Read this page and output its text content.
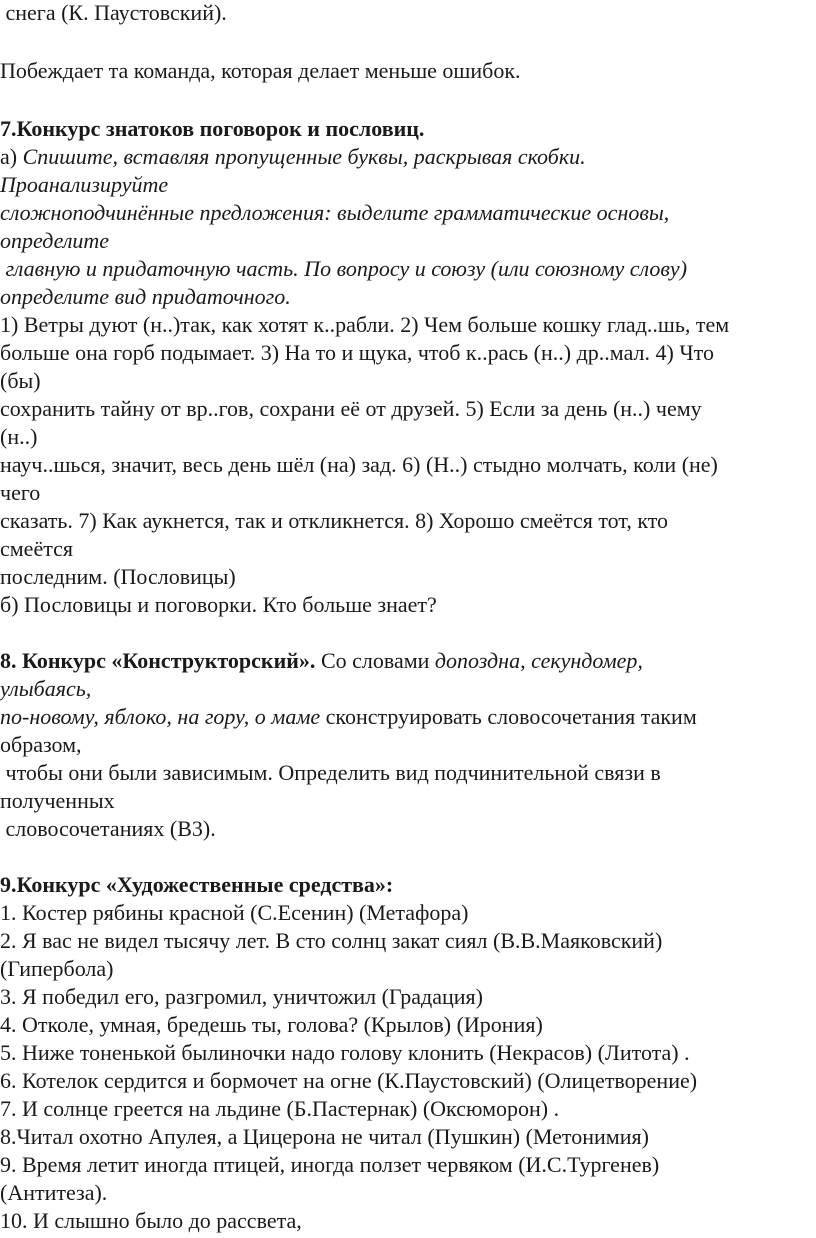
снега (К. Паустовский).
Побеждает та команда, которая делает меньше ошибок.
7.Конкурс знатоков поговорок и пословиц.
а) Спишите, вставляя пропущенные буквы, раскрывая скобки.
Проанализируйте
сложноподчинённые предложения: выделите грамматические основы,
определите
главную и придаточную часть. По вопросу и союзу (или союзному слову)
определите вид придаточного.
1) Ветры дуют (н..)так, как хотят к..рабли. 2) Чем больше кошку глад..шь, тем
больше она горб подымает. 3) На то и щука, чтоб к..рась (н..) др..мал. 4) Что
(бы)
сохранить тайну от вр..гов, сохрани её от друзей. 5) Если за день (н..) чему
(н..)
науч..шься, значит, весь день шёл (на) зад. 6) (Н..) стыдно молчать, коли (не)
чего
сказать. 7) Как аукнется, так и откликнется. 8) Хорошо смеётся тот, кто
смеётся
последним. (Пословицы)
б) Пословицы и поговорки. Кто больше знает?
8. Конкурс «Конструкторский». Со словами допоздна, секундомер,
улыбаясь,
по-новому, яблоко, на гору, о маме сконструировать словосочетания таким
образом,
чтобы они были зависимым. Определить вид подчинительной связи в
полученных
словосочетаниях (В3).
9.Конкурс «Художественные средства»:
1. Костер рябины красной (С.Есенин) (Метафора)
2. Я вас не видел тысячу лет. В сто солнц закат сиял (В.В.Маяковский)
(Гипербола)
3. Я победил его, разгромил, уничтожил (Градация)
4. Отколе, умная, бредешь ты, голова? (Крылов) (Ирония)
5. Ниже тоненькой былиночки надо голову клонить (Некрасов) (Литота) .
6. Котелок сердится и бормочет на огне (К.Паустовский) (Олицетворение)
7. И солнце греется на льдине (Б.Пастернак) (Оксюморон) .
8.Читал охотно Апулея, а Цицерона не читал (Пушкин) (Метонимия)
9. Время летит иногда птицей, иногда ползет червяком (И.С.Тургенев)
(Антитеза).
10. И слышно было до рассвета,
